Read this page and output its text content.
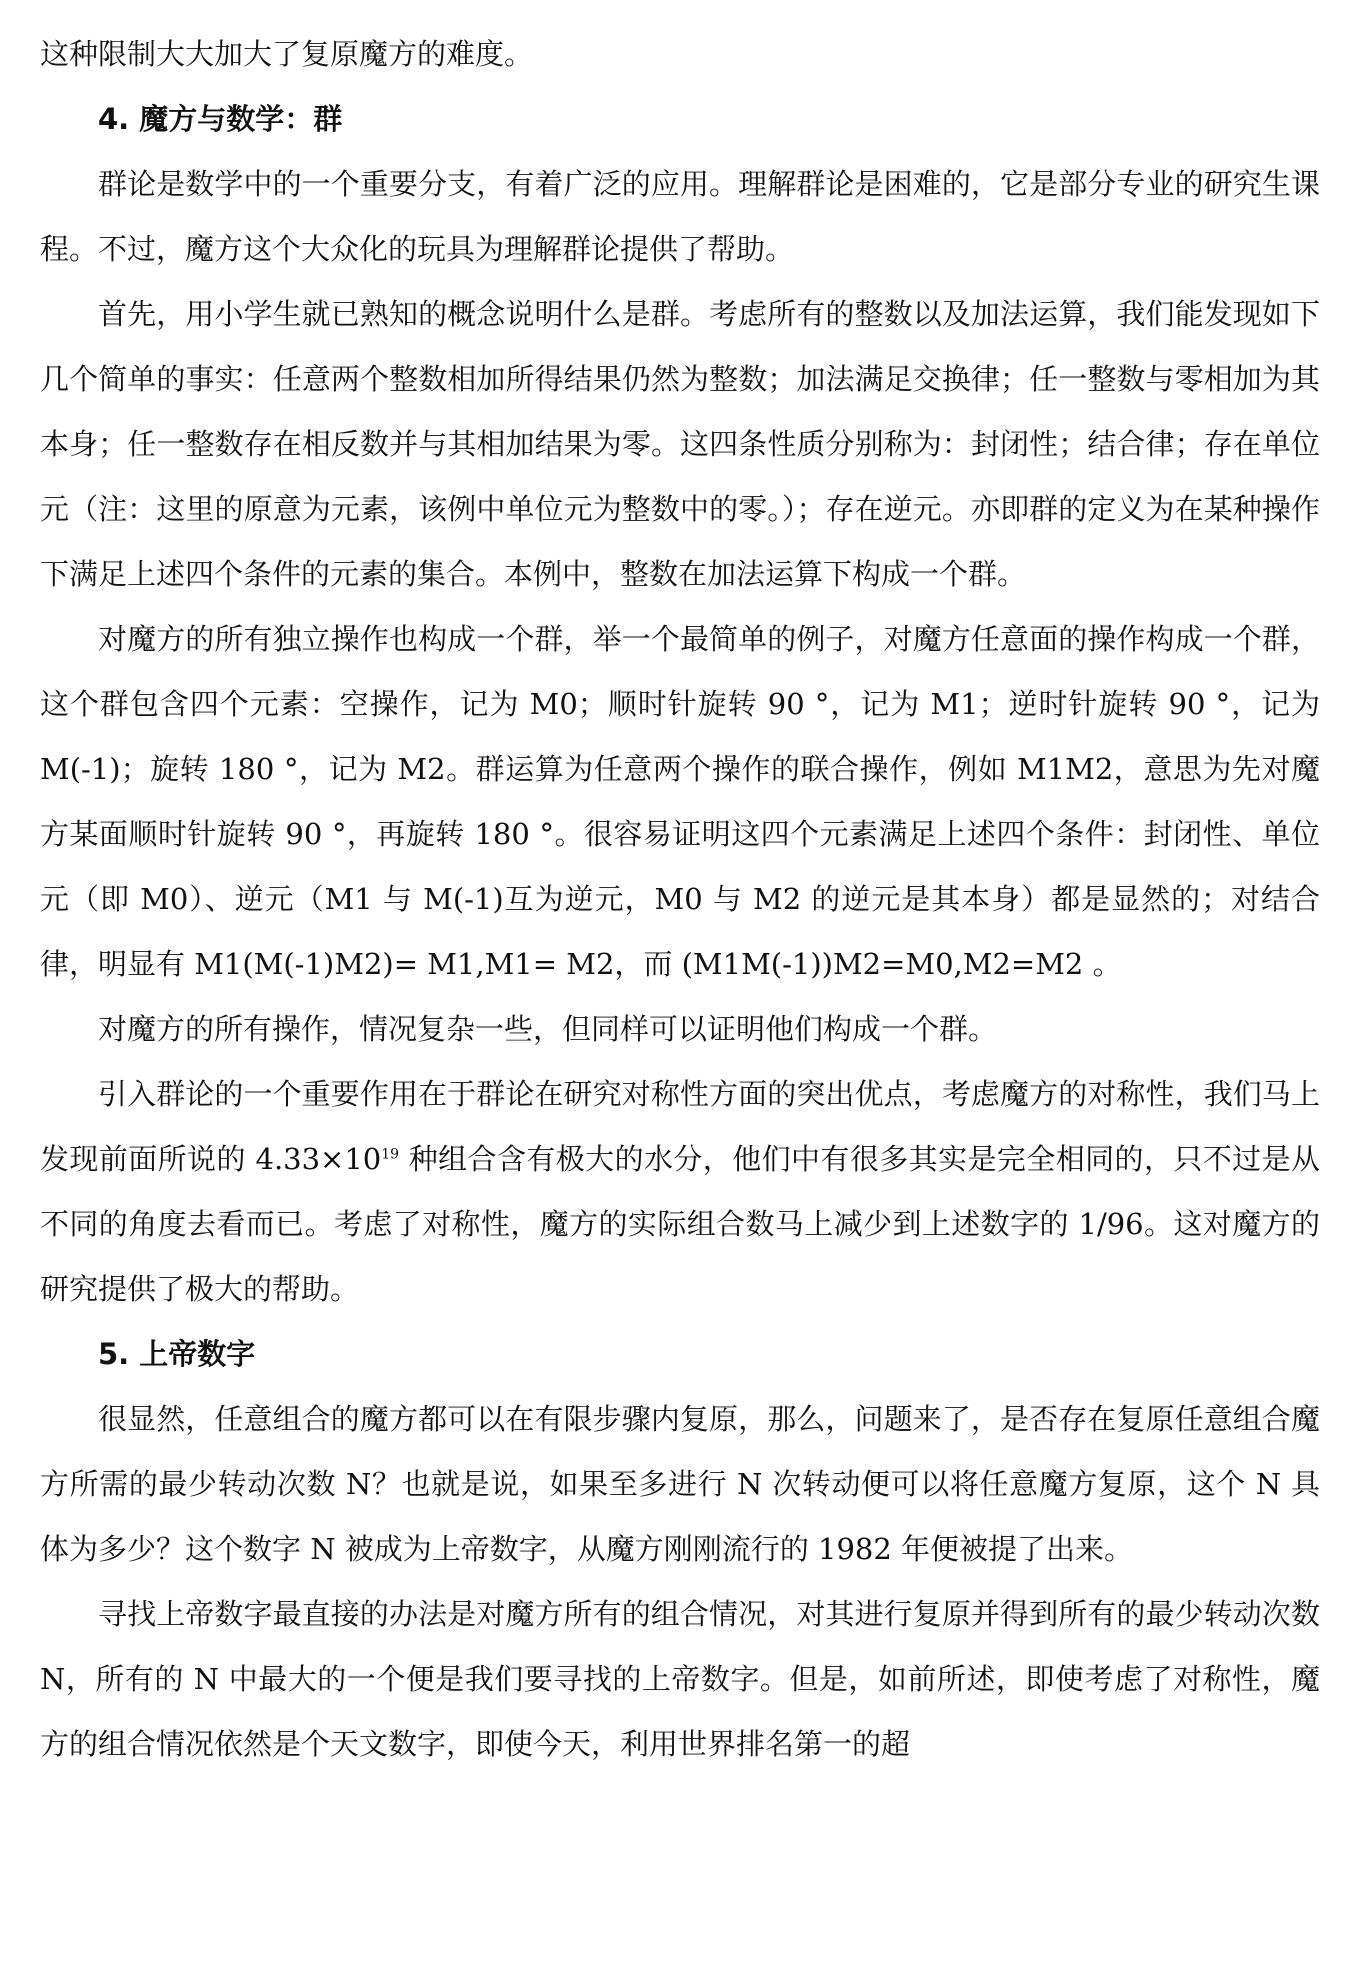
这种限制大大加大了复原魔方的难度。

4. 魔方与数学：群

群论是数学中的一个重要分支，有着广泛的应用。理解群论是困难的，它是部分专业的研究生课程。不过，魔方这个大众化的玩具为理解群论提供了帮助。

首先，用小学生就已熟知的概念说明什么是群。考虑所有的整数以及加法运算，我们能发现如下几个简单的事实：任意两个整数相加所得结果仍然为整数；加法满足交换律；任一整数与零相加为其本身；任一整数存在相反数并与其相加结果为零。这四条性质分别称为：封闭性；结合律；存在单位元（注：这里的原意为元素，该例中单位元为整数中的零。）；存在逆元。亦即群的定义为在某种操作下满足上述四个条件的元素的集合。本例中，整数在加法运算下构成一个群。

对魔方的所有独立操作也构成一个群，举一个最简单的例子，对魔方任意面的操作构成一个群，这个群包含四个元素：空操作，记为 M0；顺时针旋转 90 °，记为 M1；逆时针旋转 90 °，记为 M(-1)；旋转 180 °，记为 M2。群运算为任意两个操作的联合操作，例如 M1M2，意思为先对魔方某面顺时针旋转 90 °，再旋转 180 °。很容易证明这四个元素满足上述四个条件：封闭性、单位元（即 M0）、逆元（M1 与 M(-1)互为逆元，M0 与 M2 的逆元是其本身）都是显然的；对结合律，明显有 M1(M(-1)M2)= M1,M1= M2，而 (M1M(-1))M2=M0,M2=M2 。

对魔方的所有操作，情况复杂一些，但同样可以证明他们构成一个群。

引入群论的一个重要作用在于群论在研究对称性方面的突出优点，考虑魔方的对称性，我们马上发现前面所说的 $4.33\times 10^{19}$ 种组合含有极大的水分，他们中有很多其实是完全相同的，只不过是从不同的角度去看而已。考虑了对称性，魔方的实际组合数马上减少到上述数字的 1/96。这对魔方的研究提供了极大的帮助。

5. 上帝数字

很显然，任意组合的魔方都可以在有限步骤内复原，那么，问题来了，是否存在复原任意组合魔方所需的最少转动次数 N？也就是说，如果至多进行 N 次转动便可以将任意魔方复原，这个 N 具体为多少？这个数字 N 被成为上帝数字，从魔方刚刚流行的 1982 年便被提了出来。

寻找上帝数字最直接的办法是对魔方所有的组合情况，对其进行复原并得到所有的最少转动次数 N，所有的 N 中最大的一个便是我们要寻找的上帝数字。但是，如前所述，即使考虑了对称性，魔方的组合情况依然是个天文数字，即使今天，利用世界排名第一的超
